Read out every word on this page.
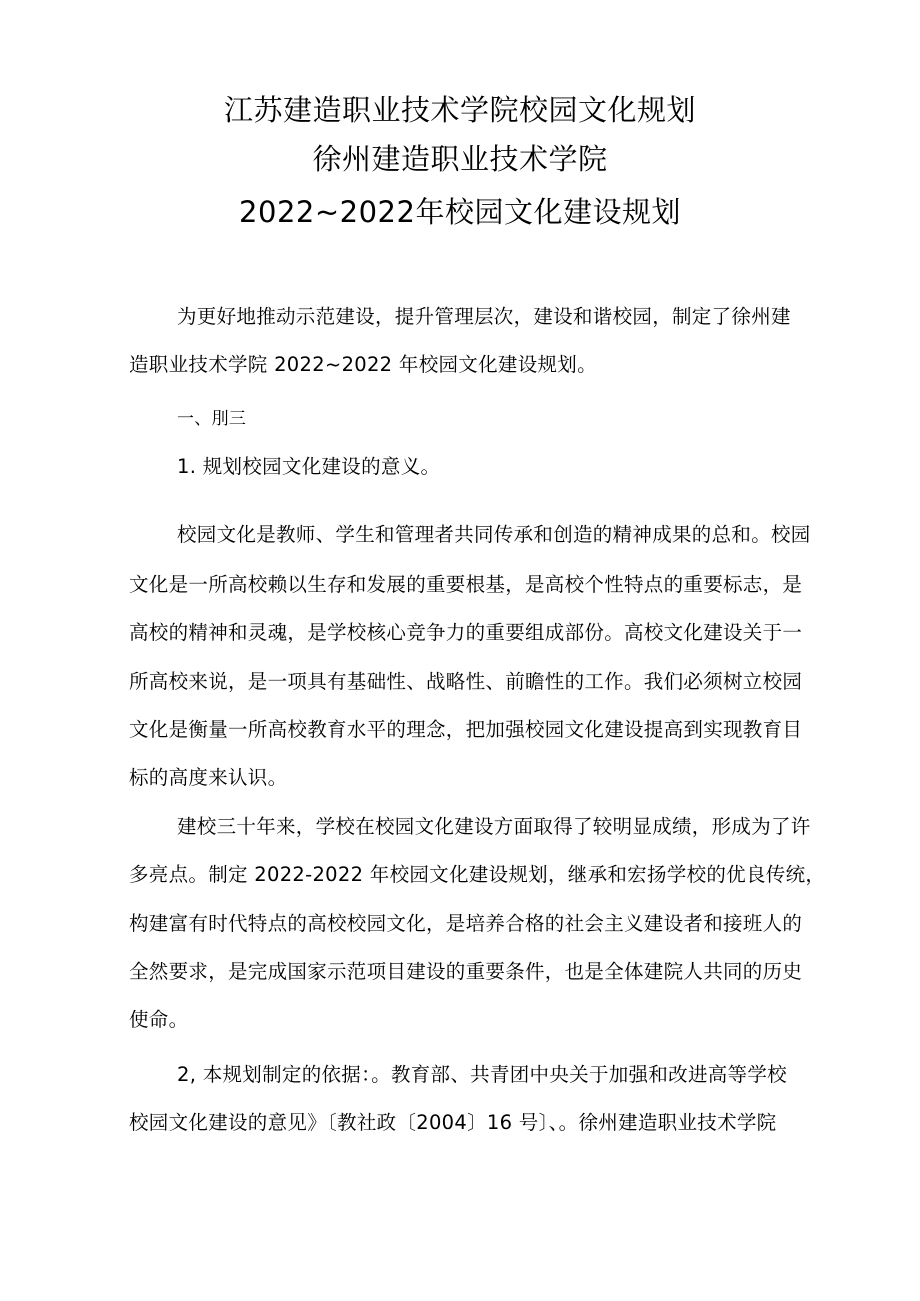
江苏建造职业技术学院校园文化规划
徐州建造职业技术学院
2022~2022年校园文化建设规划
为更好地推动示范建设，提升管理层次，建设和谐校园，制定了徐州建
造职业技术学院 2022~2022 年校园文化建设规划。
一、刖三
1. 规划校园文化建设的意义。
校园文化是教师、学生和管理者共同传承和创造的精神成果的总和。校园
文化是一所高校赖以生存和发展的重要根基，是高校个性特点的重要标志，是
高校的精神和灵魂，是学校核心竞争力的重要组成部份。高校文化建设关于一
所高校来说，是一项具有基础性、战略性、前瞻性的工作。我们必须树立校园
文化是衡量一所高校教育水平的理念，把加强校园文化建设提高到实现教育目
标的高度来认识。
建校三十年来，学校在校园文化建设方面取得了较明显成绩，形成为了许
多亮点。制定 2022-2022 年校园文化建设规划，继承和宏扬学校的优良传统，
构建富有时代特点的高校校园文化，是培养合格的社会主义建设者和接班人的
全然要求，是完成国家示范项目建设的重要条件，也是全体建院人共同的历史
使命。
2, 本规划制定的依据：。教育部、共青团中央关于加强和改进高等学校
校园文化建设的意见》〔教社政〔2004〕16 号〕、。徐州建造职业技术学院
